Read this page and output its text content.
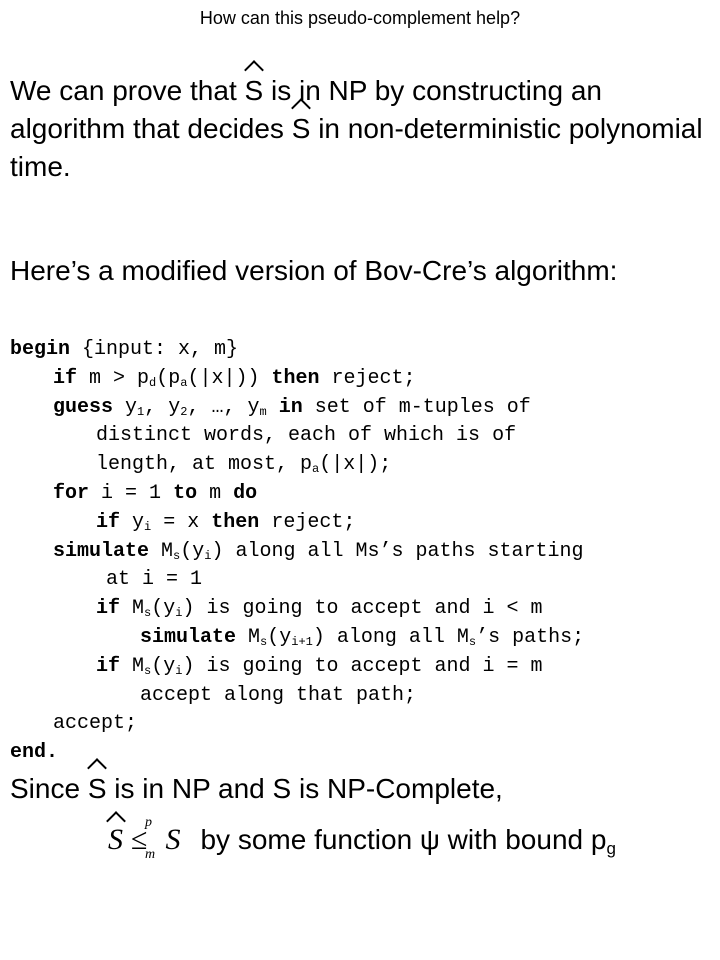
How can this pseudo-complement help?

We can prove that S is in NP by constructing an algorithm that decides S in non-deterministic polynomial time.

Here’s a modified version of Bov-Cre’s algorithm:

begin {input: x, m}
if $m > p_d(p_a(|x|))$ then reject;
guess $y_1$, $y_2$, …, $y_m$ in set of m-tuples of
distinct words, each of which is of
length, at most, $p_a(|x|)$;
for i = 1 to m do
if $y_i = x$ then reject;
simulate $M_s(y_i)$ along all Ms’s paths starting
at i = 1
if $M_s(y_i)$ is going to accept and i < m
simulate $M_s(y_{i+1})$ along all $M_s’s$ paths;
if $M_s(y_i)$ is going to accept and i = m
accept along that path;
accept;
end.

Since S is in NP and S is NP-Complete,

S ≤
p
m S by some function ψ with bound $p_g$
